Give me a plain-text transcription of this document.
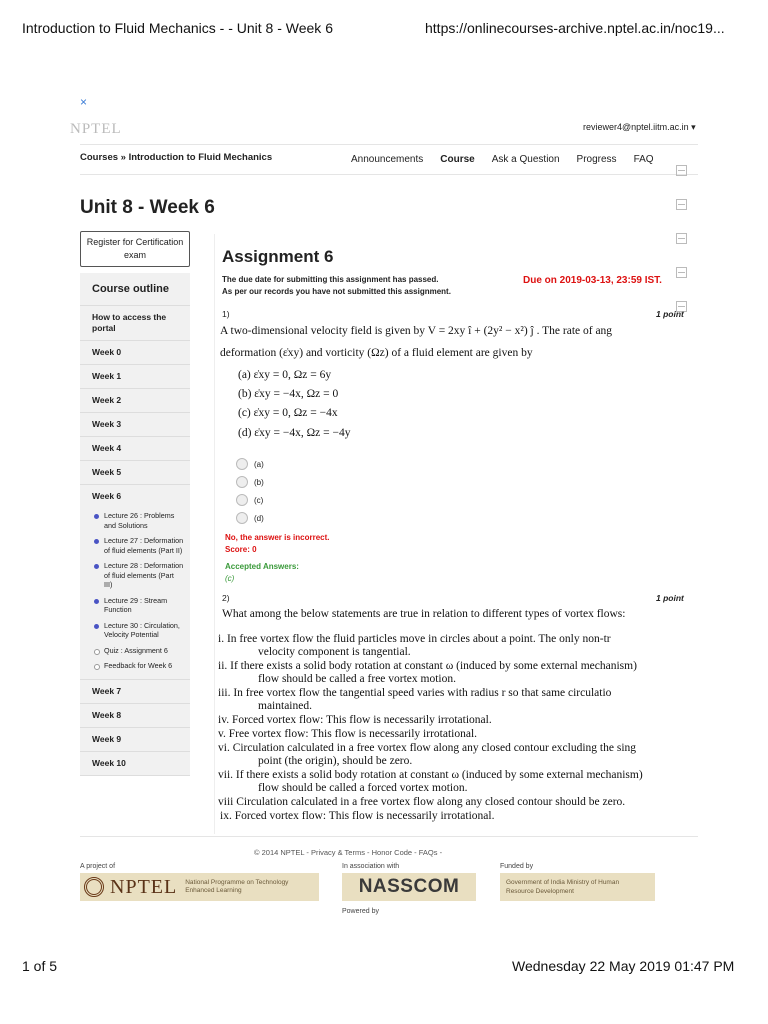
Introduction to Fluid Mechanics - - Unit 8 - Week 6	https://onlinecourses-archive.nptel.ac.in/noc19...
1 of 5	Wednesday 22 May 2019 01:47 PM
×
NPTEL	reviewer4@nptel.iitm.ac.in ▾
Courses » Introduction to Fluid Mechanics	Announcements Course Ask a Question Progress FAQ
Unit 8 - Week 6
Register for Certification exam
Course outline
How to access the portal
Week 0
Week 1
Week 2
Week 3
Week 4
Week 5
Week 6
Lecture 26 : Problems and Solutions
Lecture 27 : Deformation of fluid elements (Part II)
Lecture 28 : Deformation of fluid elements (Part III)
Lecture 29 : Stream Function
Lecture 30 : Circulation, Velocity Potential
Quiz : Assignment 6
Feedback for Week 6
Week 7
Week 8
Week 9
Week 10
Assignment 6
The due date for submitting this assignment has passed.
As per our records you have not submitted this assignment.
Due on 2019-03-13, 23:59 IST.
1)	1 point
A two-dimensional velocity field is given by V = 2xy î + (2y² − x²) ĵ . The rate of ang
deformation (ε̇xy) and vorticity (Ωz) of a fluid element are given by
(a) ε̇xy = 0, Ωz = 6y
(b) ε̇xy = −4x, Ωz = 0
(c) ε̇xy = 0, Ωz = −4x
(d) ε̇xy = −4x, Ωz = −4y
(a)
(b)
(c)
(d)
No, the answer is incorrect.
Score: 0
Accepted Answers:
(c)
2)	1 point
What among the below statements are true in relation to different types of vortex flows:
i. In free vortex flow the fluid particles move in circles about a point. The only non-tr
velocity component is tangential.
ii. If there exists a solid body rotation at constant ω (induced by some external mechanism)
flow should be called a free vortex motion.
iii. In free vortex flow the tangential speed varies with radius r so that same circulatio
maintained.
iv. Forced vortex flow: This flow is necessarily irrotational.
v. Free vortex flow: This flow is necessarily irrotational.
vi. Circulation calculated in a free vortex flow along any closed contour excluding the sing
point (the origin), should be zero.
vii. If there exists a solid body rotation at constant ω (induced by some external mechanism)
flow should be called a forced vortex motion.
viii Circulation calculated in a free vortex flow along any closed contour should be zero.
ix. Forced vortex flow: This flow is necessarily irrotational.
© 2014 NPTEL - Privacy & Terms - Honor Code - FAQs -
A project of
NPTEL National Programme on Technology Enhanced Learning
In association with
NASSCOM
Funded by
Government of India Ministry of Human Resource Development
Powered by
